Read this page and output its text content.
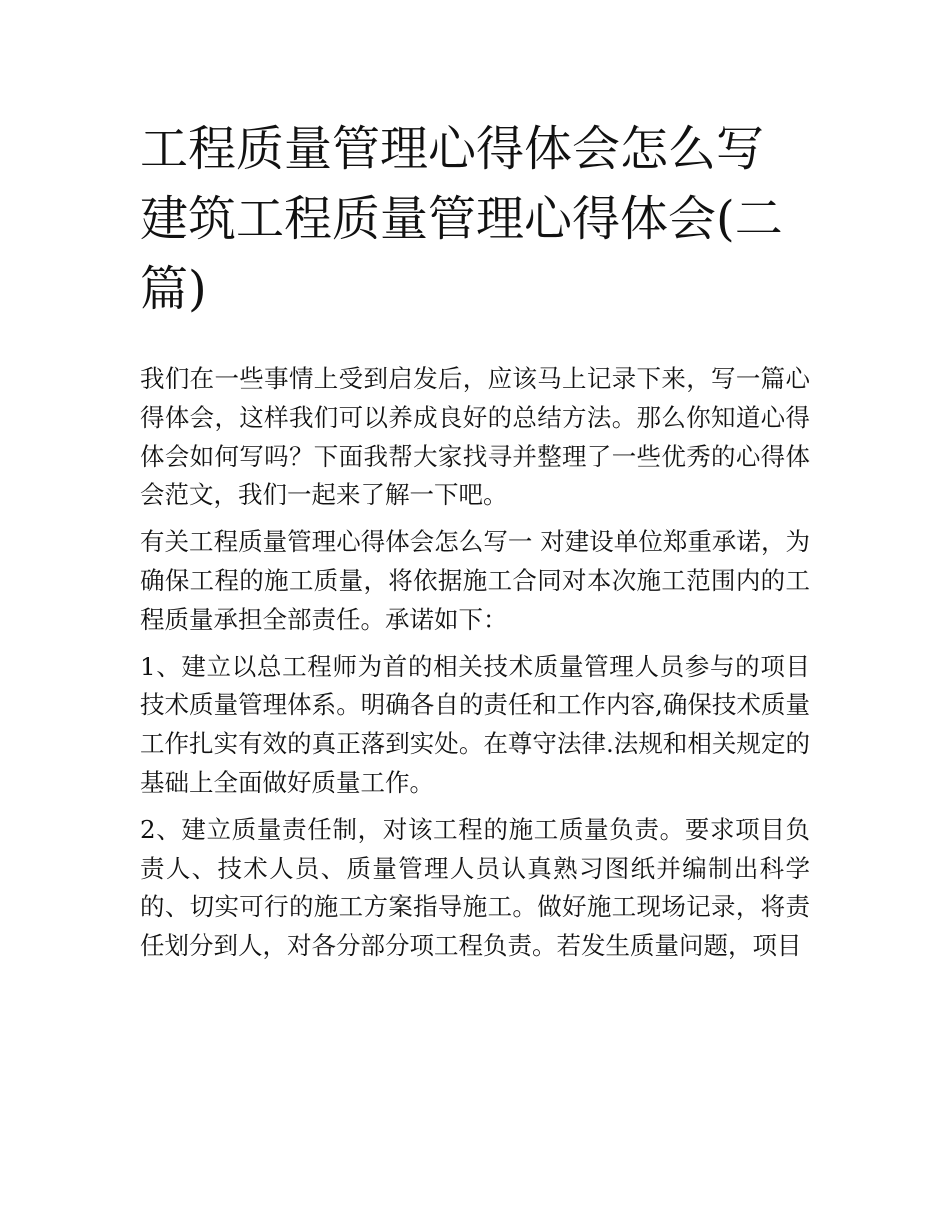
工程质量管理心得体会怎么写 建筑工程质量管理心得体会(二篇)

我们在一些事情上受到启发后，应该马上记录下来，写一篇心得体会，这样我们可以养成良好的总结方法。那么你知道心得体会如何写吗？下面我帮大家找寻并整理了一些优秀的心得体会范文，我们一起来了解一下吧。

有关工程质量管理心得体会怎么写一 对建设单位郑重承诺，为确保工程的施工质量，将依据施工合同对本次施工范围内的工程质量承担全部责任。承诺如下：

1、建立以总工程师为首的相关技术质量管理人员参与的项目技术质量管理体系。明确各自的责任和工作内容,确保技术质量工作扎实有效的真正落到实处。在尊守法律.法规和相关规定的基础上全面做好质量工作。

2、建立质量责任制，对该工程的施工质量负责。要求项目负责人、技术人员、质量管理人员认真熟习图纸并编制出科学的、切实可行的施工方案指导施工。做好施工现场记录，将责任划分到人，对各分部分项工程负责。若发生质量问题，项目
